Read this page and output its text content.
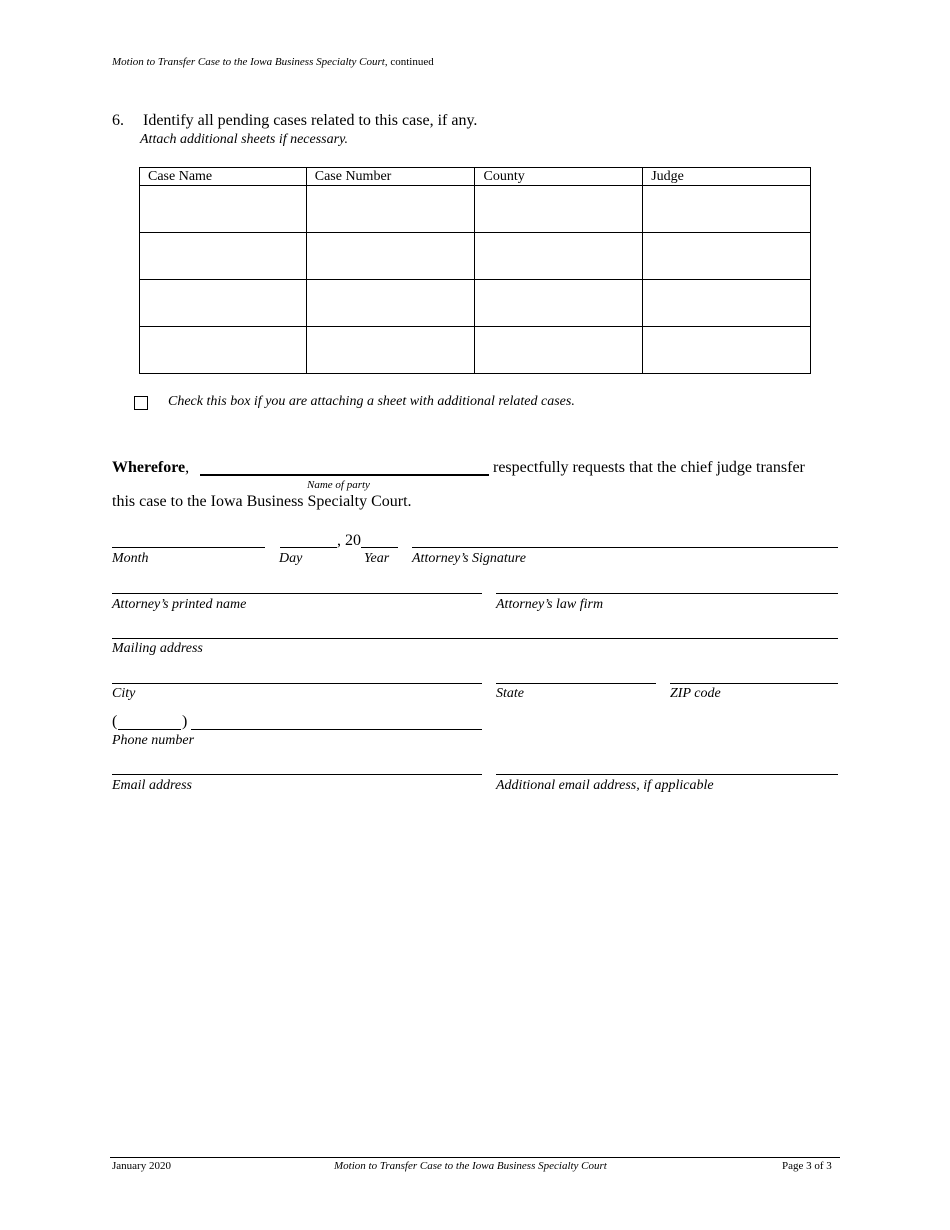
Motion to Transfer Case to the Iowa Business Specialty Court, continued
6. Identify all pending cases related to this case, if any.
Attach additional sheets if necessary.
Case Name	Case Number	County	Judge

Check this box if you are attaching a sheet with additional related cases.
Wherefore,
Name of party
respectfully requests that the chief judge transfer
this case to the Iowa Business Specialty Court.
, 20
Month	Day	Year Attorney’s Signature
Attorney’s printed name	Attorney’s law firm
Mailing address
City	State	ZIP code
(	)
Phone number
Email address	Additional email address, if applicable
January 2020	Motion to Transfer Case to the Iowa Business Specialty Court	Page 3 of 3
